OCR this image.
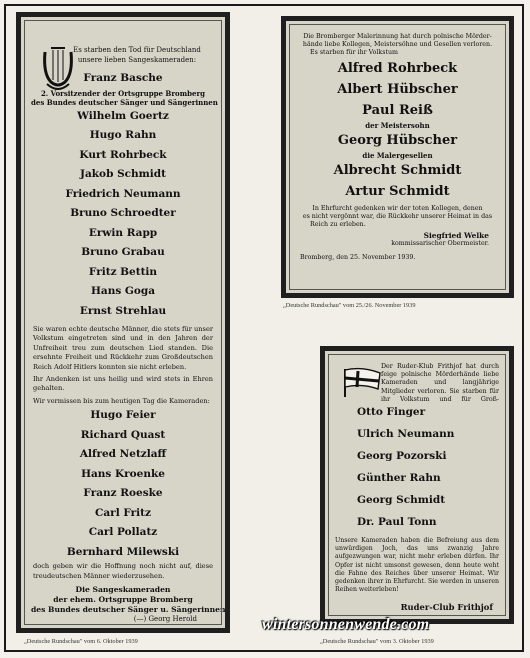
Es starben den Tod für Deutschland
unsere lieben Sangeskameraden:
Franz Basche
2. Vorsitzender der Ortsgruppe Bromberg
des Bundes deutscher Sänger und Sängerinnen
Wilhelm Goertz
Hugo Rahn
Kurt Rohrbeck
Jakob Schmidt
Friedrich Neumann
Bruno Schroedter
Erwin Rapp
Bruno Grabau
Fritz Bettin
Hans Goga
Ernst Strehlau
Sie waren echte deutsche Männer, die stets für unser Volkstum eingetreten sind und in den Jahren der Unfreiheit treu zum deutschen Lied standen. Die ersehnte Freiheit und Rückkehr zum Großdeutschen Reich Adolf Hitlers konnten sie nicht erleben.
Ihr Andenken ist uns heilig und wird stets in Ehren gehalten.
Wir vermissen bis zum heutigen Tag die Kameraden:
Hugo Feier
Richard Quast
Alfred Netzlaff
Hans Kroenke
Franz Roeske
Carl Fritz
Carl Pollatz
Bernhard Milewski
doch geben wir die Hoffnung noch nicht auf, diese treudeutschen Männer wiederzusehen.
Die Sangeskameraden
der ehem. Ortsgruppe Bromberg
des Bundes deutscher Sänger u. Sängerinnen
(—) Georg Herold
„Deutsche Rundschau" vom 6. Oktober 1939
Die Bromberger Malerinnung hat durch polnische Mörder-
hände liebe Kollegen, Meistersöhne und Gesellen verloren.
Es starben für ihr Volkstum
Alfred Rohrbeck
Albert Hübscher
Paul Reiß
der Meistersohn
Georg Hübscher
die Malergesellen
Albrecht Schmidt
Artur Schmidt
In Ehrfurcht gedenken wir der toten Kollegen, denen
es nicht vergönnt war, die Rückkehr unserer Heimat in das
Reich zu erleben.
Siegfried Welke
kommissarischer Obermeister.
Bromberg, den 25. November 1939.
„Deutsche Rundschau" vom 25./26. November 1939
Der Ruder-Klub Frithjof hat durch feige polnische Mörderhände liebe Kameraden und langjährige Mitglieder verloren. Sie starben für ihr Volkstum und für Groß-
Otto Finger
Ulrich Neumann
Georg Pozorski
Günther Rahn
Georg Schmidt
Dr. Paul Tonn
Unsere Kameraden haben die Befreiung aus dem unwürdigen Joch, das uns zwanzig Jahre aufgezwungen war, nicht mehr erleben dürfen. Ihr Opfer ist nicht umsonst gewesen, denn heute weht die Fahne des Reiches über unserer Heimat. Wir gedenken ihrer in Ehrfurcht. Sie werden in unseren Reihen weiterleben!
Ruder-Club Frithjof
„Deutsche Rundschau" vom 3. Oktober 1939
wintersonnenwende.com
